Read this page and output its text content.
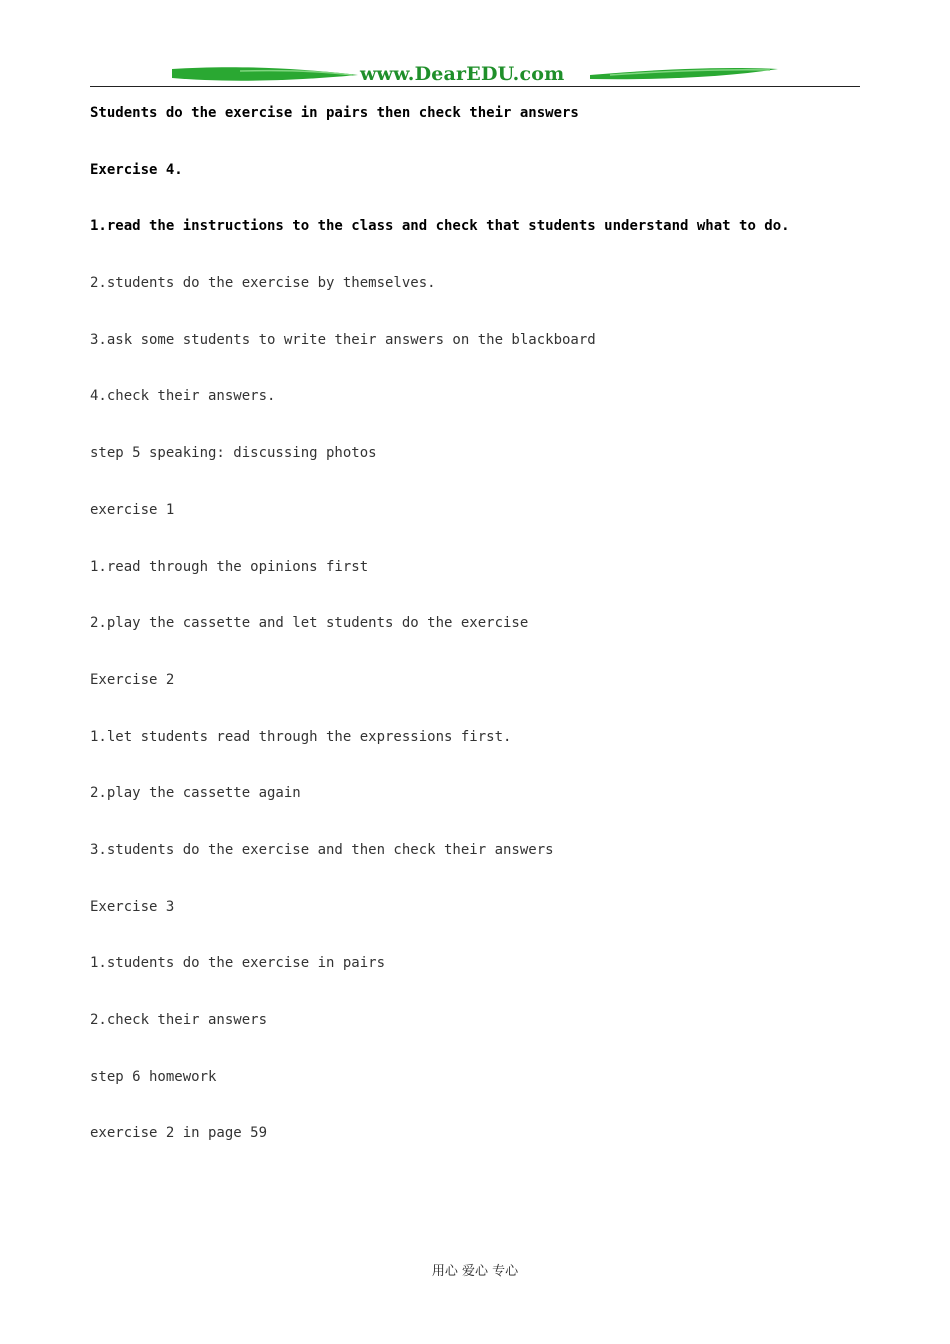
www.DearEDU.com
Students do the exercise in pairs then check their answers
Exercise 4.
1.read the instructions to the class and check that students understand what to do.
2.students do the exercise by themselves.
3.ask some students to write their answers on the blackboard
4.check their answers.
step 5 speaking: discussing photos
exercise 1
1.read through the opinions first
2.play the cassette and let students do the exercise
Exercise 2
1.let students read through the expressions first.
2.play the cassette again
3.students do the exercise and then check their answers
Exercise 3
1.students do the exercise in pairs
2.check their answers
step 6 homework
exercise 2 in page 59
用心 爱心 专心
